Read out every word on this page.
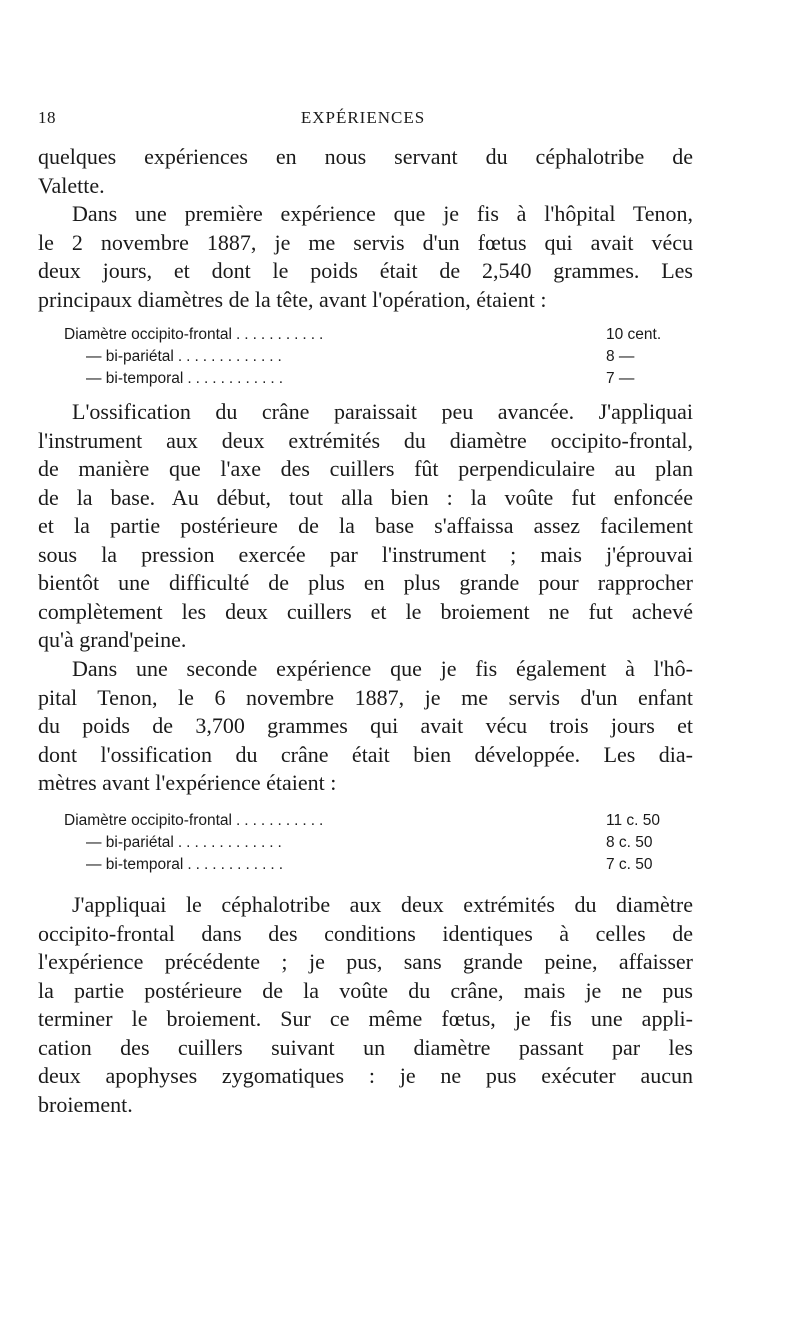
18	EXPÉRIENCES

quelques expériences en nous servant du céphalotribe de
Valette.

Dans une première expérience que je fis à l'hôpital Tenon,
le 2 novembre 1887, je me servis d'un fœtus qui avait vécu
deux jours, et dont le poids était de 2,540 grammes. Les
principaux diamètres de la tête, avant l'opération, étaient :

Diamètre occipito-frontal ...........	10 cent.
— bi-pariétal .............	8 —
— bi-temporal ............	7 —

L'ossification du crâne paraissait peu avancée. J'appliquai
l'instrument aux deux extrémités du diamètre occipito-frontal,
de manière que l'axe des cuillers fût perpendiculaire au plan
de la base. Au début, tout alla bien : la voûte fut enfoncée
et la partie postérieure de la base s'affaissa assez facilement
sous la pression exercée par l'instrument ; mais j'éprouvai
bientôt une difficulté de plus en plus grande pour rapprocher
complètement les deux cuillers et le broiement ne fut achevé
qu'à grand'peine.

Dans une seconde expérience que je fis également à l'hô-
pital Tenon, le 6 novembre 1887, je me servis d'un enfant
du poids de 3,700 grammes qui avait vécu trois jours et
dont l'ossification du crâne était bien développée. Les dia-
mètres avant l'expérience étaient :

Diamètre occipito-frontal ...........	11 c. 50
— bi-pariétal .............	8 c. 50
— bi-temporal ............	7 c. 50

J'appliquai le céphalotribe aux deux extrémités du diamètre
occipito-frontal dans des conditions identiques à celles de
l'expérience précédente ; je pus, sans grande peine, affaisser
la partie postérieure de la voûte du crâne, mais je ne pus
terminer le broiement. Sur ce même fœtus, je fis une appli-
cation des cuillers suivant un diamètre passant par les
deux apophyses zygomatiques : je ne pus exécuter aucun
broiement.
